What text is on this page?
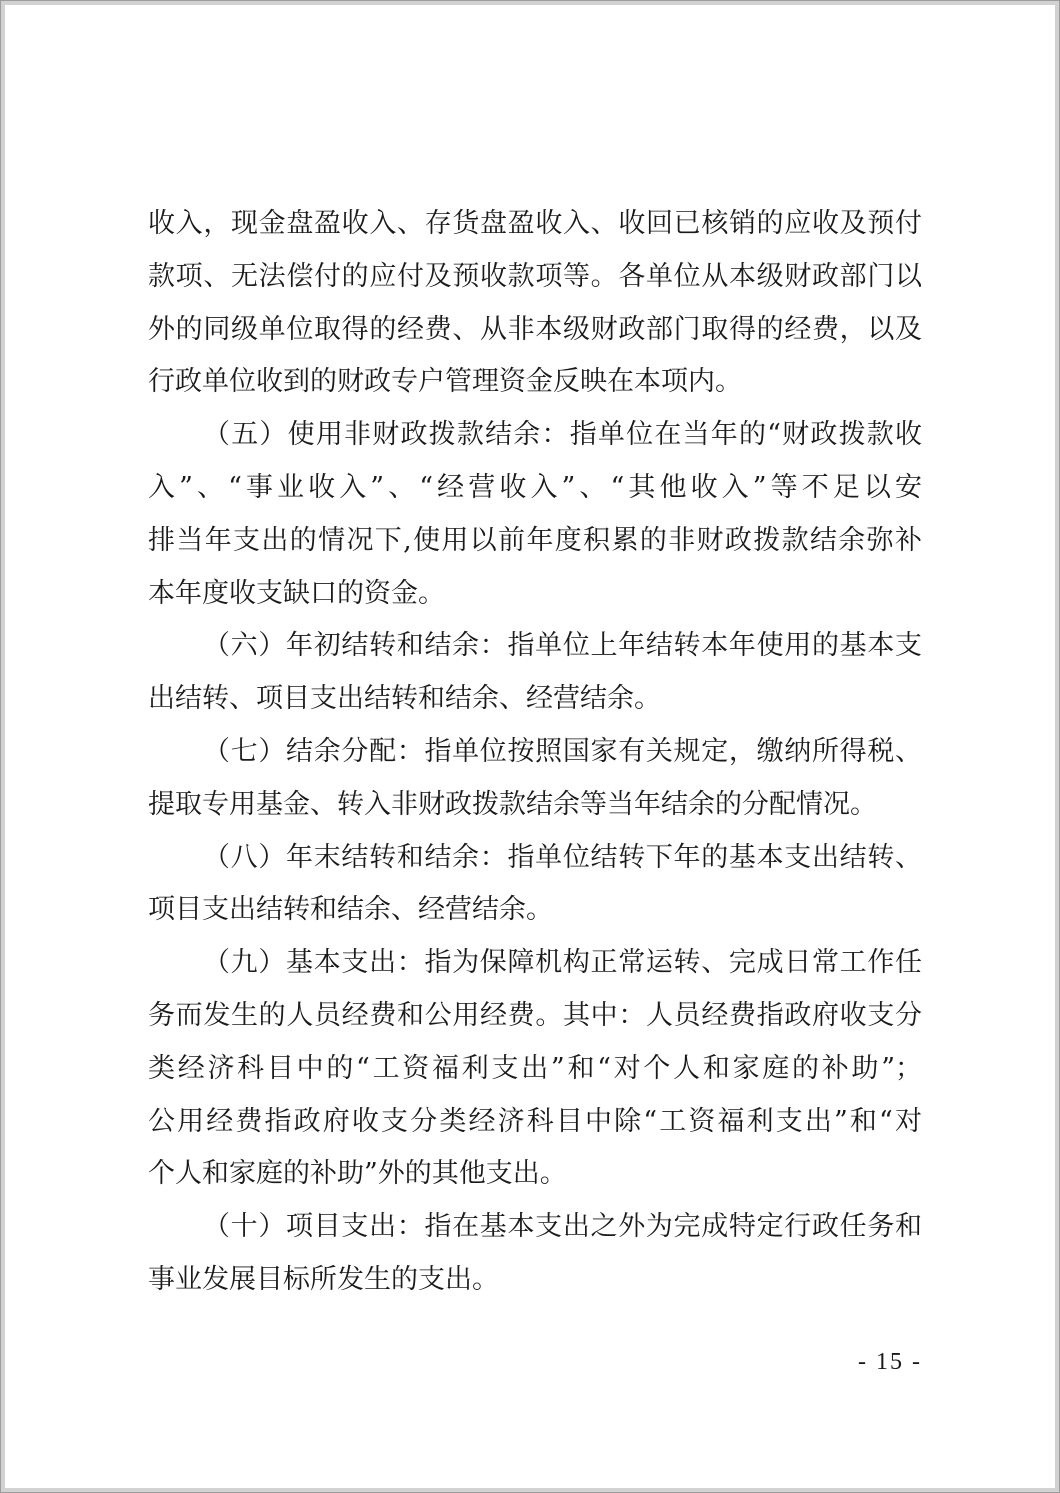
收入，现金盘盈收入、存货盘盈收入、收回已核销的应收及预付
款项、无法偿付的应付及预收款项等。各单位从本级财政部门以
外的同级单位取得的经费、从非本级财政部门取得的经费，以及
行政单位收到的财政专户管理资金反映在本项内。
（五）使用非财政拨款结余：指单位在当年的“财政拨款收
入”、“事业收入”、“经营收入”、“其他收入”等不足以安
排当年支出的情况下,使用以前年度积累的非财政拨款结余弥补
本年度收支缺口的资金。
（六）年初结转和结余：指单位上年结转本年使用的基本支
出结转、项目支出结转和结余、经营结余。
（七）结余分配：指单位按照国家有关规定，缴纳所得税、
提取专用基金、转入非财政拨款结余等当年结余的分配情况。
（八）年末结转和结余：指单位结转下年的基本支出结转、
项目支出结转和结余、经营结余。
（九）基本支出：指为保障机构正常运转、完成日常工作任
务而发生的人员经费和公用经费。其中：人员经费指政府收支分
类经济科目中的“工资福利支出”和“对个人和家庭的补助”；
公用经费指政府收支分类经济科目中除“工资福利支出”和“对
个人和家庭的补助”外的其他支出。
（十）项目支出：指在基本支出之外为完成特定行政任务和
事业发展目标所发生的支出。
- 15 -
